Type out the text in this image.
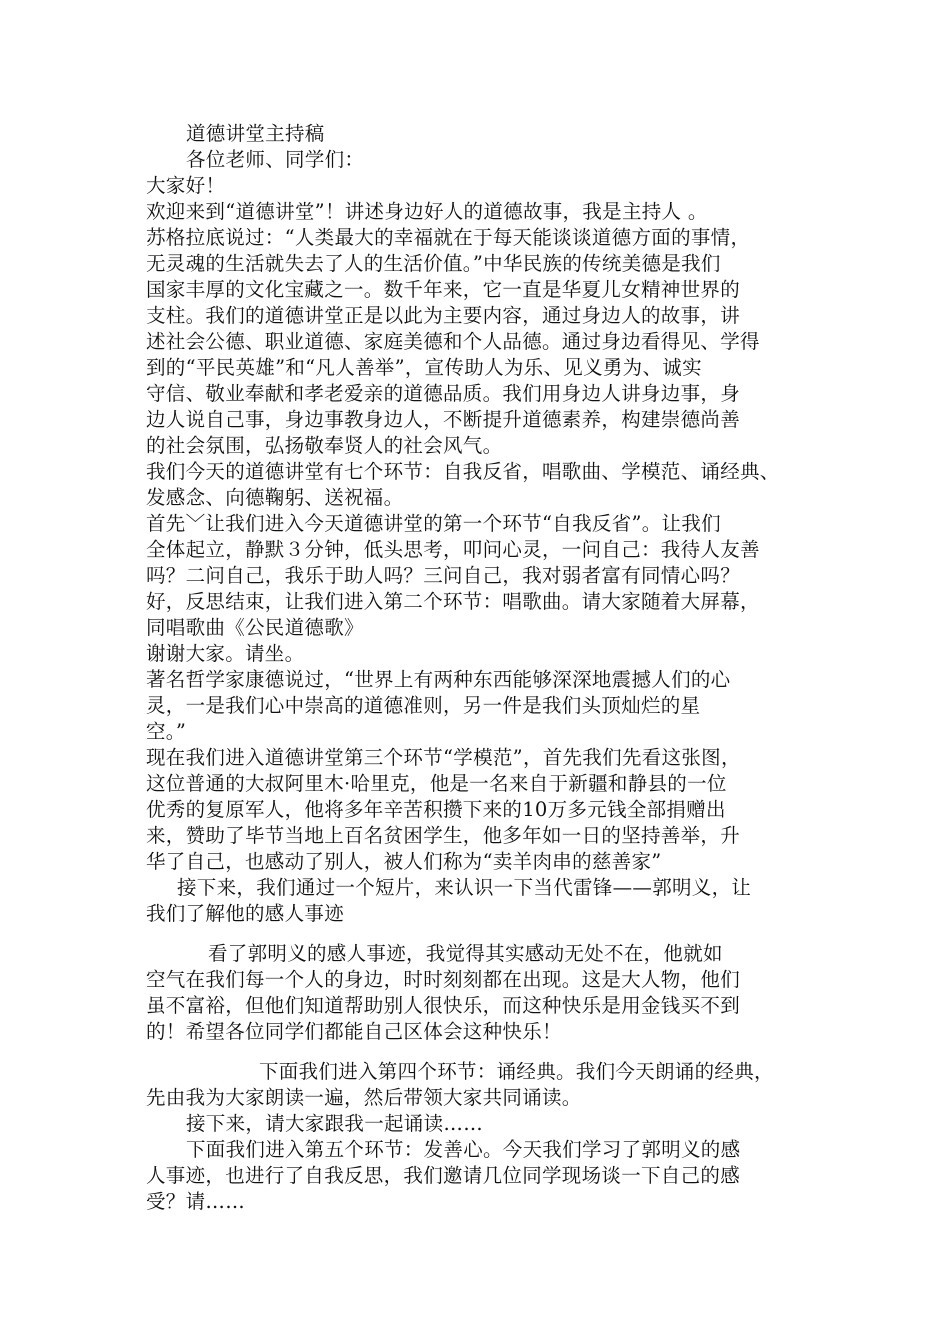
道德讲堂主持稿
各位老师、同学们：
大家好！
欢迎来到“道德讲堂”！讲述身边好人的道德故事，我是主持人 。
苏格拉底说过：“人类最大的幸福就在于每天能谈谈道德方面的事情，
无灵魂的生活就失去了人的生活价值。”中华民族的传统美德是我们
国家丰厚的文化宝藏之一。数千年来，它一直是华夏儿女精神世界的
支柱。我们的道德讲堂正是以此为主要内容，通过身边人的故事，讲
述社会公德、职业道德、家庭美德和个人品德。通过身边看得见、学得
到的“平民英雄”和“凡人善举”，宣传助人为乐、见义勇为、诚实
守信、敬业奉献和孝老爱亲的道德品质。我们用身边人讲身边事，身
边人说自己事，身边事教身边人，不断提升道德素养，构建崇德尚善
的社会氛围，弘扬敬奉贤人的社会风气。
我们今天的道德讲堂有七个环节：自我反省，唱歌曲、学模范、诵经典、
发感念、向德鞠躬、送祝福。
首先﹀让我们进入今天道德讲堂的第一个环节“自我反省”。让我们
全体起立，静默３分钟，低头思考，叩问心灵，一问自己：我待人友善
吗？二问自己，我乐于助人吗？三问自己，我对弱者富有同情心吗？
好，反思结束，让我们进入第二个环节：唱歌曲。请大家随着大屏幕，
同唱歌曲《公民道德歌》
谢谢大家。请坐。
著名哲学家康德说过，“世界上有两种东西能够深深地震撼人们的心
灵，一是我们心中崇高的道德准则，另一件是我们头顶灿烂的星
空。”
现在我们进入道德讲堂第三个环节“学模范”，首先我们先看这张图，
这位普通的大叔阿里木·哈里克，他是一名来自于新疆和静县的一位
优秀的复原军人，他将多年辛苦积攒下来的10万多元钱全部捐赠出
来，赞助了毕节当地上百名贫困学生，他多年如一日的坚持善举，升
华了自己，也感动了别人，被人们称为“卖羊肉串的慈善家”
接下来，我们通过一个短片，来认识一下当代雷锋——郭明义，让
我们了解他的感人事迹
看了郭明义的感人事迹，我觉得其实感动无处不在，他就如
空气在我们每一个人的身边，时时刻刻都在出现。这是大人物，他们
虽不富裕，但他们知道帮助别人很快乐，而这种快乐是用金钱买不到
的！希望各位同学们都能自己区体会这种快乐！
下面我们进入第四个环节：诵经典。我们今天朗诵的经典，
先由我为大家朗读一遍，然后带领大家共同诵读。
接下来，请大家跟我一起诵读……
下面我们进入第五个环节：发善心。今天我们学习了郭明义的感
人事迹，也进行了自我反思，我们邀请几位同学现场谈一下自己的感
受？请……
